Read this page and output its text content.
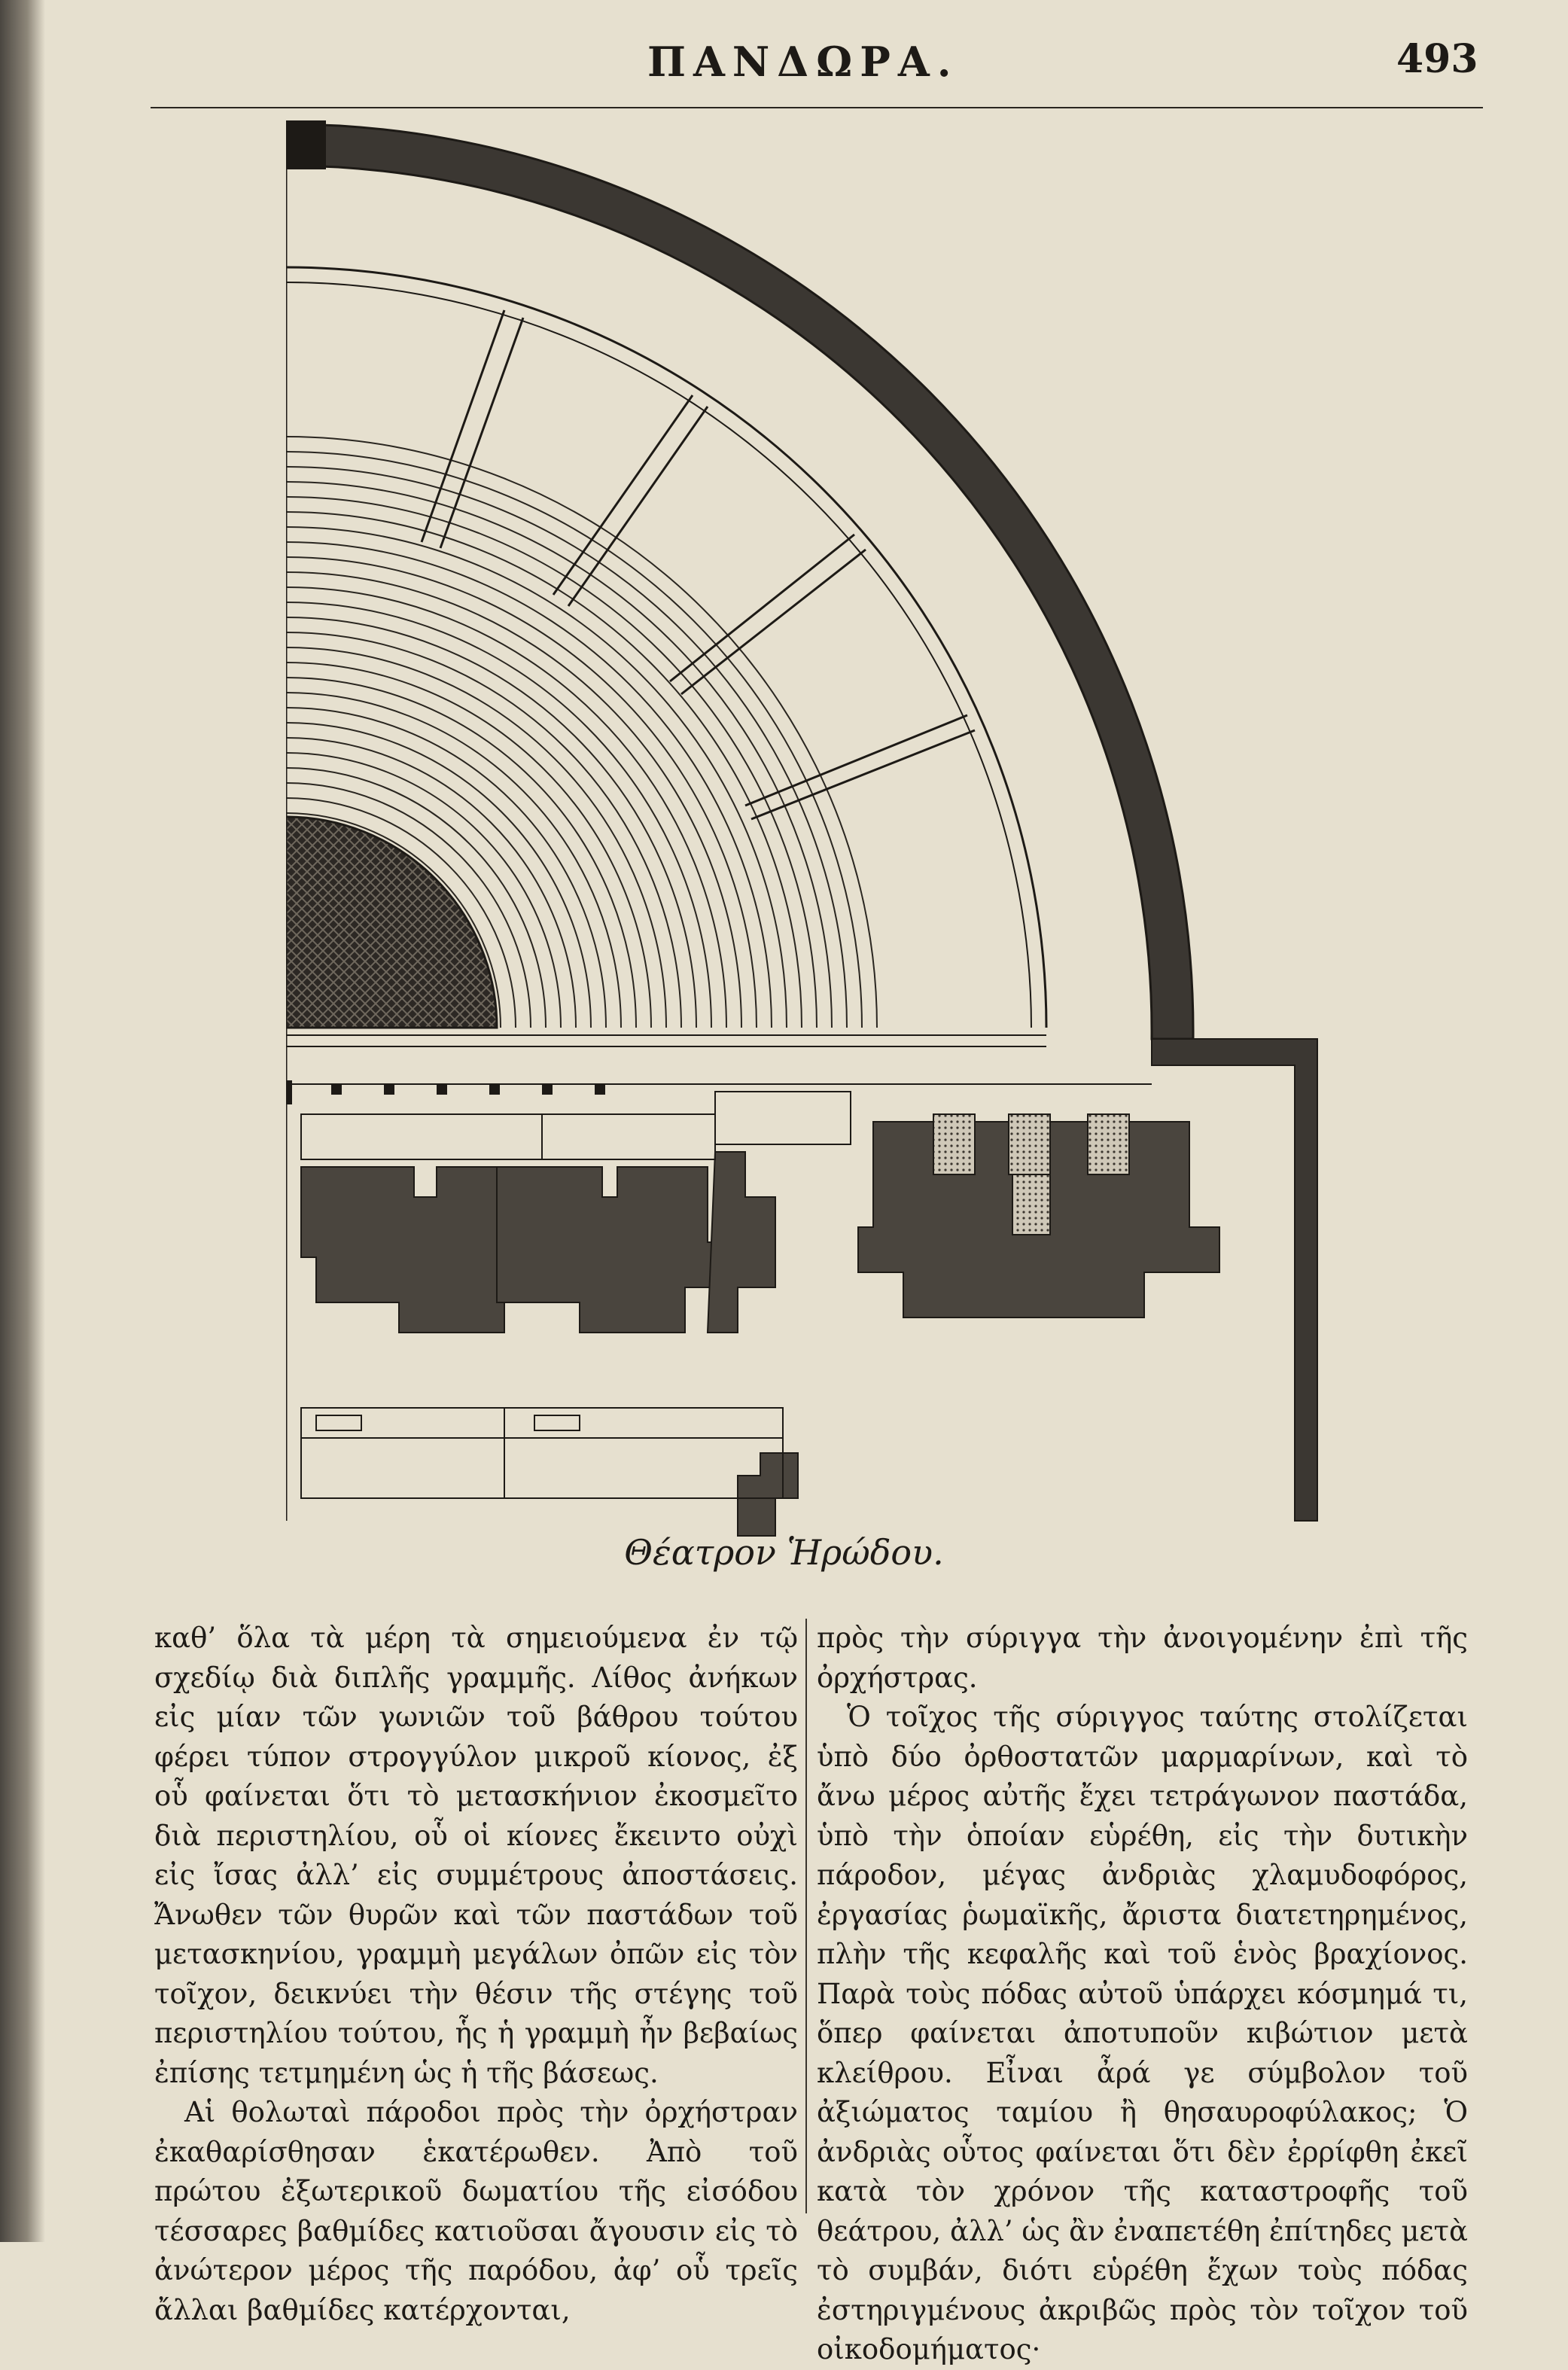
ΠΑΝΔΩΡΑ.	493
Θέατρον Ἡρώδου.

καθ’ ὅλα τὰ μέρη τὰ σημειούμενα ἐν τῷ σχεδίῳ διὰ διπλῆς γραμμῆς. Λίθος ἀνήκων εἰς μίαν τῶν γωνιῶν τοῦ βάθρου τούτου φέρει τύπον στρογγύλον μικροῦ κίονος, ἐξ οὗ φαίνεται ὅτι τὸ μετασκήνιον ἐκοσμεῖτο διὰ περιστηλίου, οὗ οἱ κίονες ἔκειντο οὐχὶ εἰς ἴσας ἀλλ’ εἰς συμμέτρους ἀποστάσεις. Ἄνωθεν τῶν θυρῶν καὶ τῶν παστάδων τοῦ μετασκηνίου, γραμμὴ μεγάλων ὀπῶν εἰς τὸν τοῖχον, δεικνύει τὴν θέσιν τῆς στέγης τοῦ περιστηλίου τούτου, ἧς ἡ γραμμὴ ἦν βεβαίως ἐπίσης τετμημένη ὡς ἡ τῆς βάσεως.

Αἱ θολωταὶ πάροδοι πρὸς τὴν ὀρχήστραν ἐκαθαρίσθησαν ἑκατέρωθεν. Ἀπὸ τοῦ πρώτου ἐξωτερικοῦ δωματίου τῆς εἰσόδου τέσσαρες βαθμίδες κατιοῦσαι ἄγουσιν εἰς τὸ ἀνώτερον μέρος τῆς παρόδου, ἀφ’ οὗ τρεῖς ἄλλαι βαθμίδες κατέρχονται,

πρὸς τὴν σύριγγα τὴν ἀνοιγομένην ἐπὶ τῆς ὀρχήστρας.

Ὁ τοῖχος τῆς σύριγγος ταύτης στολίζεται ὑπὸ δύο ὀρθοστατῶν μαρμαρίνων, καὶ τὸ ἄνω μέρος αὐτῆς ἔχει τετράγωνον παστάδα, ὑπὸ τὴν ὁποίαν εὑρέθη, εἰς τὴν δυτικὴν πάροδον, μέγας ἀνδριὰς χλαμυδοφόρος, ἐργασίας ῥωμαϊκῆς, ἄριστα διατετηρημένος, πλὴν τῆς κεφαλῆς καὶ τοῦ ἑνὸς βραχίονος. Παρὰ τοὺς πόδας αὐτοῦ ὑπάρχει κόσμημά τι, ὅπερ φαίνεται ἀποτυποῦν κιβώτιον μετὰ κλείθρου. Εἶναι ἆρά γε σύμβολον τοῦ ἀξιώματος ταμίου ἢ θησαυροφύλακος; Ὁ ἀνδριὰς οὗτος φαίνεται ὅτι δὲν ἐρρίφθη ἐκεῖ κατὰ τὸν χρόνον τῆς καταστροφῆς τοῦ θεάτρου, ἀλλ’ ὡς ἂν ἐναπετέθη ἐπίτηδες μετὰ τὸ συμβάν, διότι εὑρέθη ἔχων τοὺς πόδας ἐστηριγμένους ἀκριβῶς πρὸς τὸν τοῖχον τοῦ οἰκοδομήματος·
